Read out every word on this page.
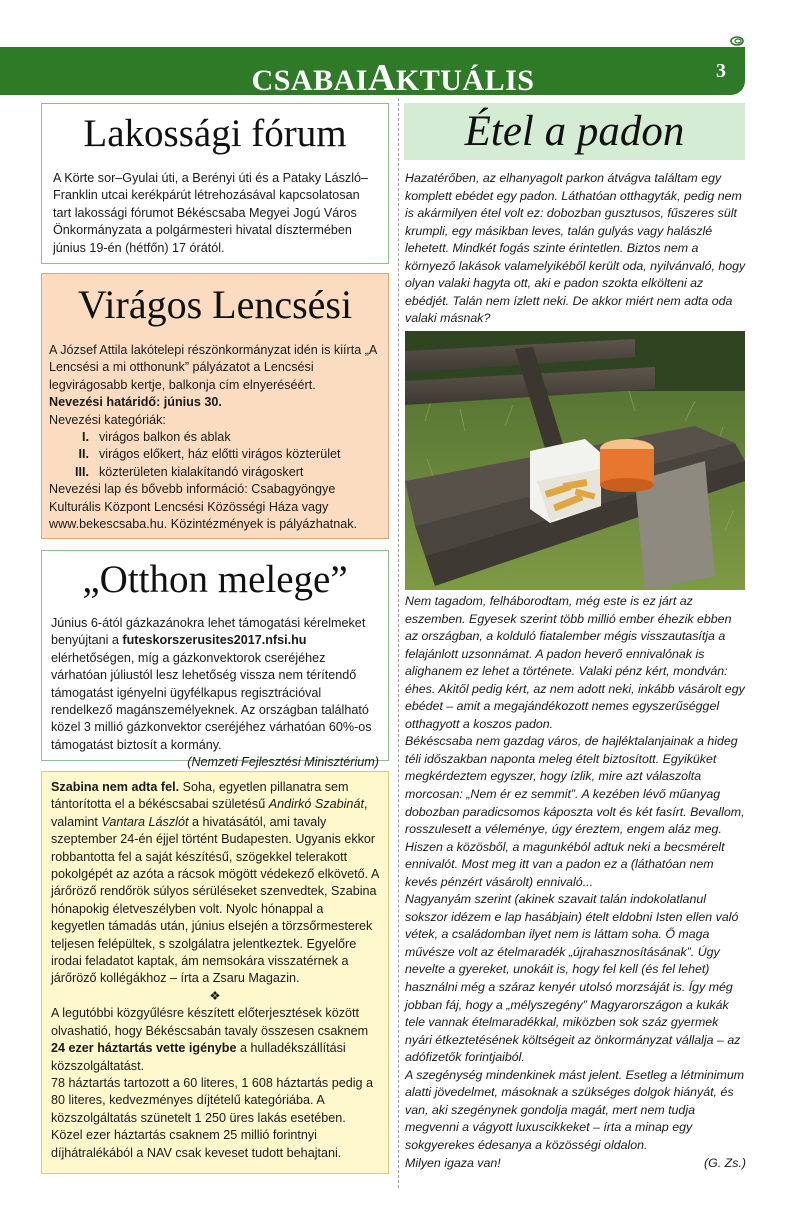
CSABAIAKTUÁLIS	3
Lakossági fórum
A Körte sor–Gyulai úti, a Berényi úti és a Pataky László–Franklin utcai kerékpárút létrehozásával kapcsolatosan tart lakossági fórumot Békéscsaba Megyei Jogú Város Önkormányzata a polgármesteri hivatal dísztermében június 19-én (hétfőn) 17 órától.
Virágos Lencsési
A József Attila lakótelepi részönkormányzat idén is kiírta „A Lencsési a mi otthonunk” pályázatot a Lencsési legvirágosabb kertje, balkonja cím elnyeréséért.
Nevezési határidő: június 30.
Nevezési kategóriák:
I. virágos balkon és ablak
II. virágos előkert, ház előtti virágos közterület
III. közterületen kialakítandó virágoskert
Nevezési lap és bővebb információ: Csabagyöngye Kulturális Központ Lencsési Közösségi Háza vagy www.bekescsaba.hu. Közintézmények is pályázhatnak.
„Otthon melege”
Június 6-ától gázkazánokra lehet támogatási kérelmeket benyújtani a futeskorszerusites2017.nfsi.hu elérhetőségen, míg a gázkonvektorok cseréjéhez várhatóan júliustól lesz lehetőség vissza nem térítendő támogatást igényelni ügyfélkapus regisztrációval rendelkező magánszemélyeknek. Az országban található közel 3 millió gázkonvektor cseréjéhez várhatóan 60%-os támogatást biztosít a kormány.
(Nemzeti Fejlesztési Minisztérium)
Szabina nem adta fel. Soha, egyetlen pillanatra sem tántorította el a békéscsabai születésű Andirkó Szabinát, valamint Vantara Lászlót a hivatásától, ami tavaly szeptember 24-én éjjel történt Budapesten. Ugyanis ekkor robbantotta fel a saját készítésű, szögekkel telerakott pokolgépét az azóta a rácsok mögött védekező elkövető. A járőröző rendőrök súlyos sérüléseket szenvedtek, Szabina hónapokig életveszélyben volt. Nyolc hónappal a kegyetlen támadás után, június elsején a törzsőrmesterek teljesen felépültek, s szolgálatra jelentkeztek. Egyelőre irodai feladatot kaptak, ám nemsokára visszatérnek a járőröző kollégákhoz – írta a Zsaru Magazin.
❖
A legutóbbi közgyűlésre készített előterjesztések között olvashatió, hogy Békéscsabán tavaly összesen csaknem 24 ezer háztartás vette igénybe a hulladékszállítási közszolgáltatást.
78 háztartás tartozott a 60 literes, 1 608 háztartás pedig a 80 literes, kedvezményes díjtételű kategóriába. A közszolgáltatás szünetelt 1 250 üres lakás esetében. Közel ezer háztartás csaknem 25 millió forintnyi díjhátralékából a NAV csak keveset tudott behajtani.
Étel a padon
Hazatérőben, az elhanyagolt parkon átvágva találtam egy komplett ebédet egy padon. Láthatóan otthagyták, pedig nem is akármilyen étel volt ez: dobozban gusztusos, fűszeres sült krumpli, egy másikban leves, talán gulyás vagy halászlé lehetett. Mindkét fogás szinte érintetlen. Biztos nem a környező lakások valamelyikéből került oda, nyilvánvaló, hogy olyan valaki hagyta ott, aki e padon szokta elkölteni az ebédjét. Talán nem ízlett neki. De akkor miért nem adta oda valaki másnak?
Nem tagadom, felháborodtam, még este is ez járt az eszemben. Egyesek szerint több millió ember éhezik ebben az országban, a kolduló fiatalember mégis visszautasítja a felajánlott uzsonnámat. A padon heverő ennivalónak is alighanem ez lehet a története. Valaki pénz kért, mondván: éhes. Akitől pedig kért, az nem adott neki, inkább vásárolt egy ebédet – amit a megajándékozott nemes egyszerűséggel otthagyott a koszos padon.
Békéscsaba nem gazdag város, de hajléktalanjainak a hideg téli időszakban naponta meleg ételt biztosított. Egyiküket megkérdeztem egyszer, hogy ízlik, mire azt válaszolta morcosan: „Nem ér ez semmit”. A kezében lévő műanyag dobozban paradicsomos káposzta volt és két fasírt. Bevallom, rosszulesett a véleménye, úgy éreztem, engem aláz meg. Hiszen a közösből, a magunkéból adtuk neki a becsmérelt ennivalót. Most meg itt van a padon ez a (láthatóan nem kevés pénzért vásárolt) ennivaló...
Nagyanyám szerint (akinek szavait talán indokolatlanul sokszor idézem e lap hasábjain) ételt eldobni Isten ellen való vétek, a családomban ilyet nem is láttam soha. Ő maga művésze volt az ételmaradék „újrahasznosításának”. Úgy nevelte a gyereket, unokáit is, hogy fel kell (és fel lehet) használni még a száraz kenyér utolsó morzsáját is. Így még jobban fáj, hogy a „mélyszegény” Magyarországon a kukák tele vannak ételmaradékkal, miközben sok száz gyermek nyári étkeztetésének költségeit az önkormányzat vállalja – az adófizetők forintjaiból.
A szegénység mindenkinek mást jelent. Esetleg a létminimum alatti jövedelmet, másoknak a szükséges dolgok hiányát, és van, aki szegénynek gondolja magát, mert nem tudja megvenni a vágyott luxuscikkeket – írta a minap egy sokgyerekes édesanya a közösségi oldalon.
Milyen igaza van!	(G. Zs.)
